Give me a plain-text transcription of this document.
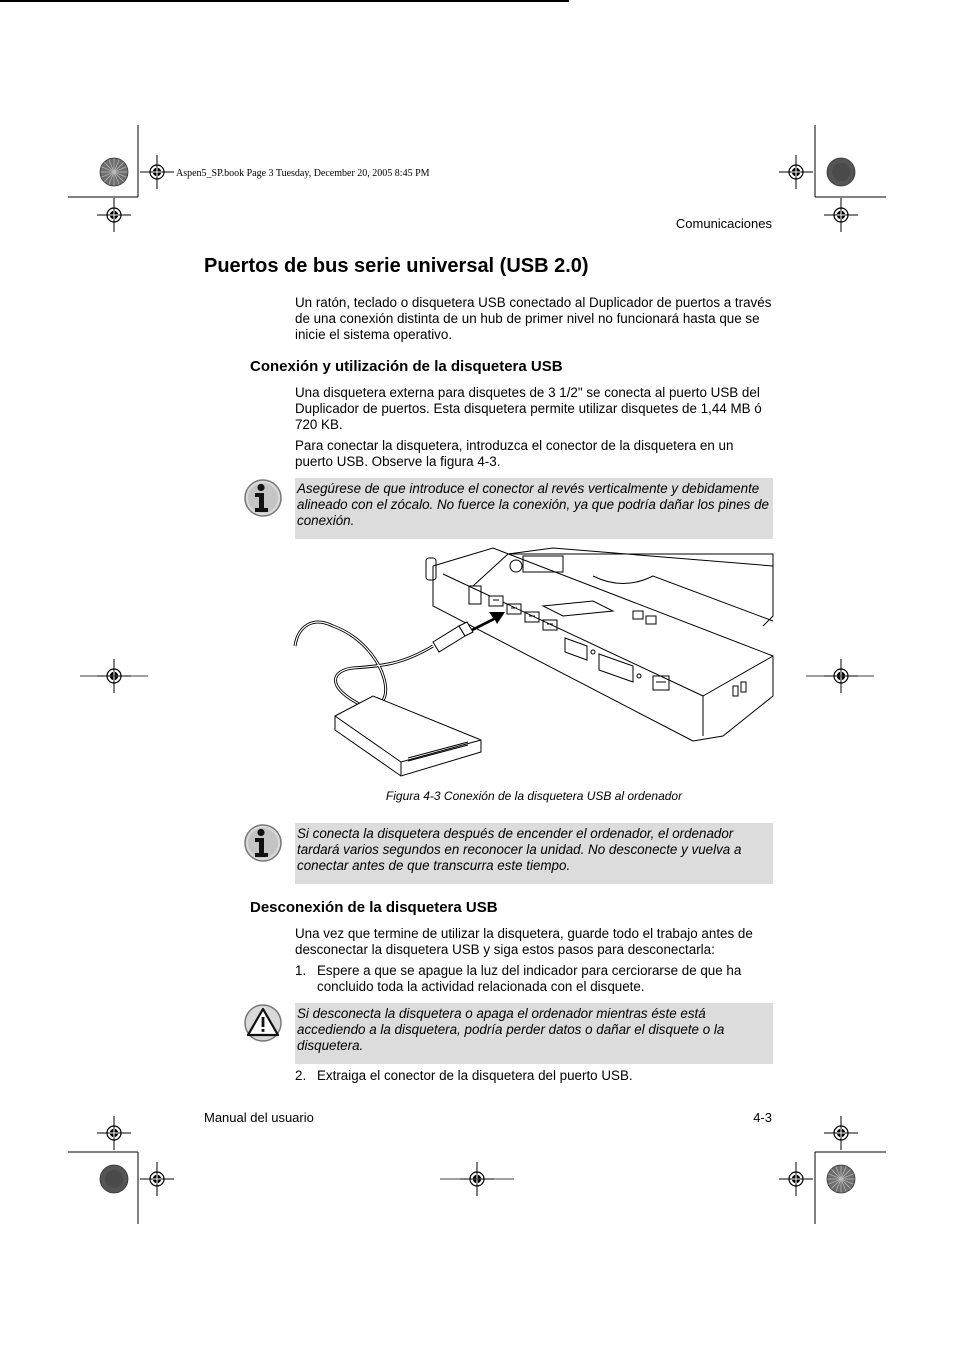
Aspen5_SP.book Page 3 Tuesday, December 20, 2005 8:45 PM
Comunicaciones
Puertos de bus serie universal (USB 2.0)

Un ratón, teclado o disquetera USB conectado al Duplicador de puertos a través de una conexión distinta de un hub de primer nivel no funcionará hasta que se inicie el sistema operativo.

Conexión y utilización de la disquetera USB

Una disquetera externa para disquetes de 3 1/2" se conecta al puerto USB del Duplicador de puertos. Esta disquetera permite utilizar disquetes de 1,44 MB ó 720 KB.

Para conectar la disquetera, introduzca el conector de la disquetera en un puerto USB. Observe la figura 4-3.

Asegúrese de que introduce el conector al revés verticalmente y debidamente alineado con el zócalo. No fuerce la conexión, ya que podría dañar los pines de conexión.
Figura 4-3 Conexión de la disquetera USB al ordenador
Si conecta la disquetera después de encender el ordenador, el ordenador tardará varios segundos en reconocer la unidad. No desconecte y vuelva a conectar antes de que transcurra este tiempo.
Desconexión de la disquetera USB

Una vez que termine de utilizar la disquetera, guarde todo el trabajo antes de desconectar la disquetera USB y siga estos pasos para desconectarla:

1. Espere a que se apague la luz del indicador para cerciorarse de que ha concluido toda la actividad relacionada con el disquete.
Si desconecta la disquetera o apaga el ordenador mientras éste está accediendo a la disquetera, podría perder datos o dañar el disquete o la disquetera.
2. Extraiga el conector de la disquetera del puerto USB.
Manual del usuario	4-3
